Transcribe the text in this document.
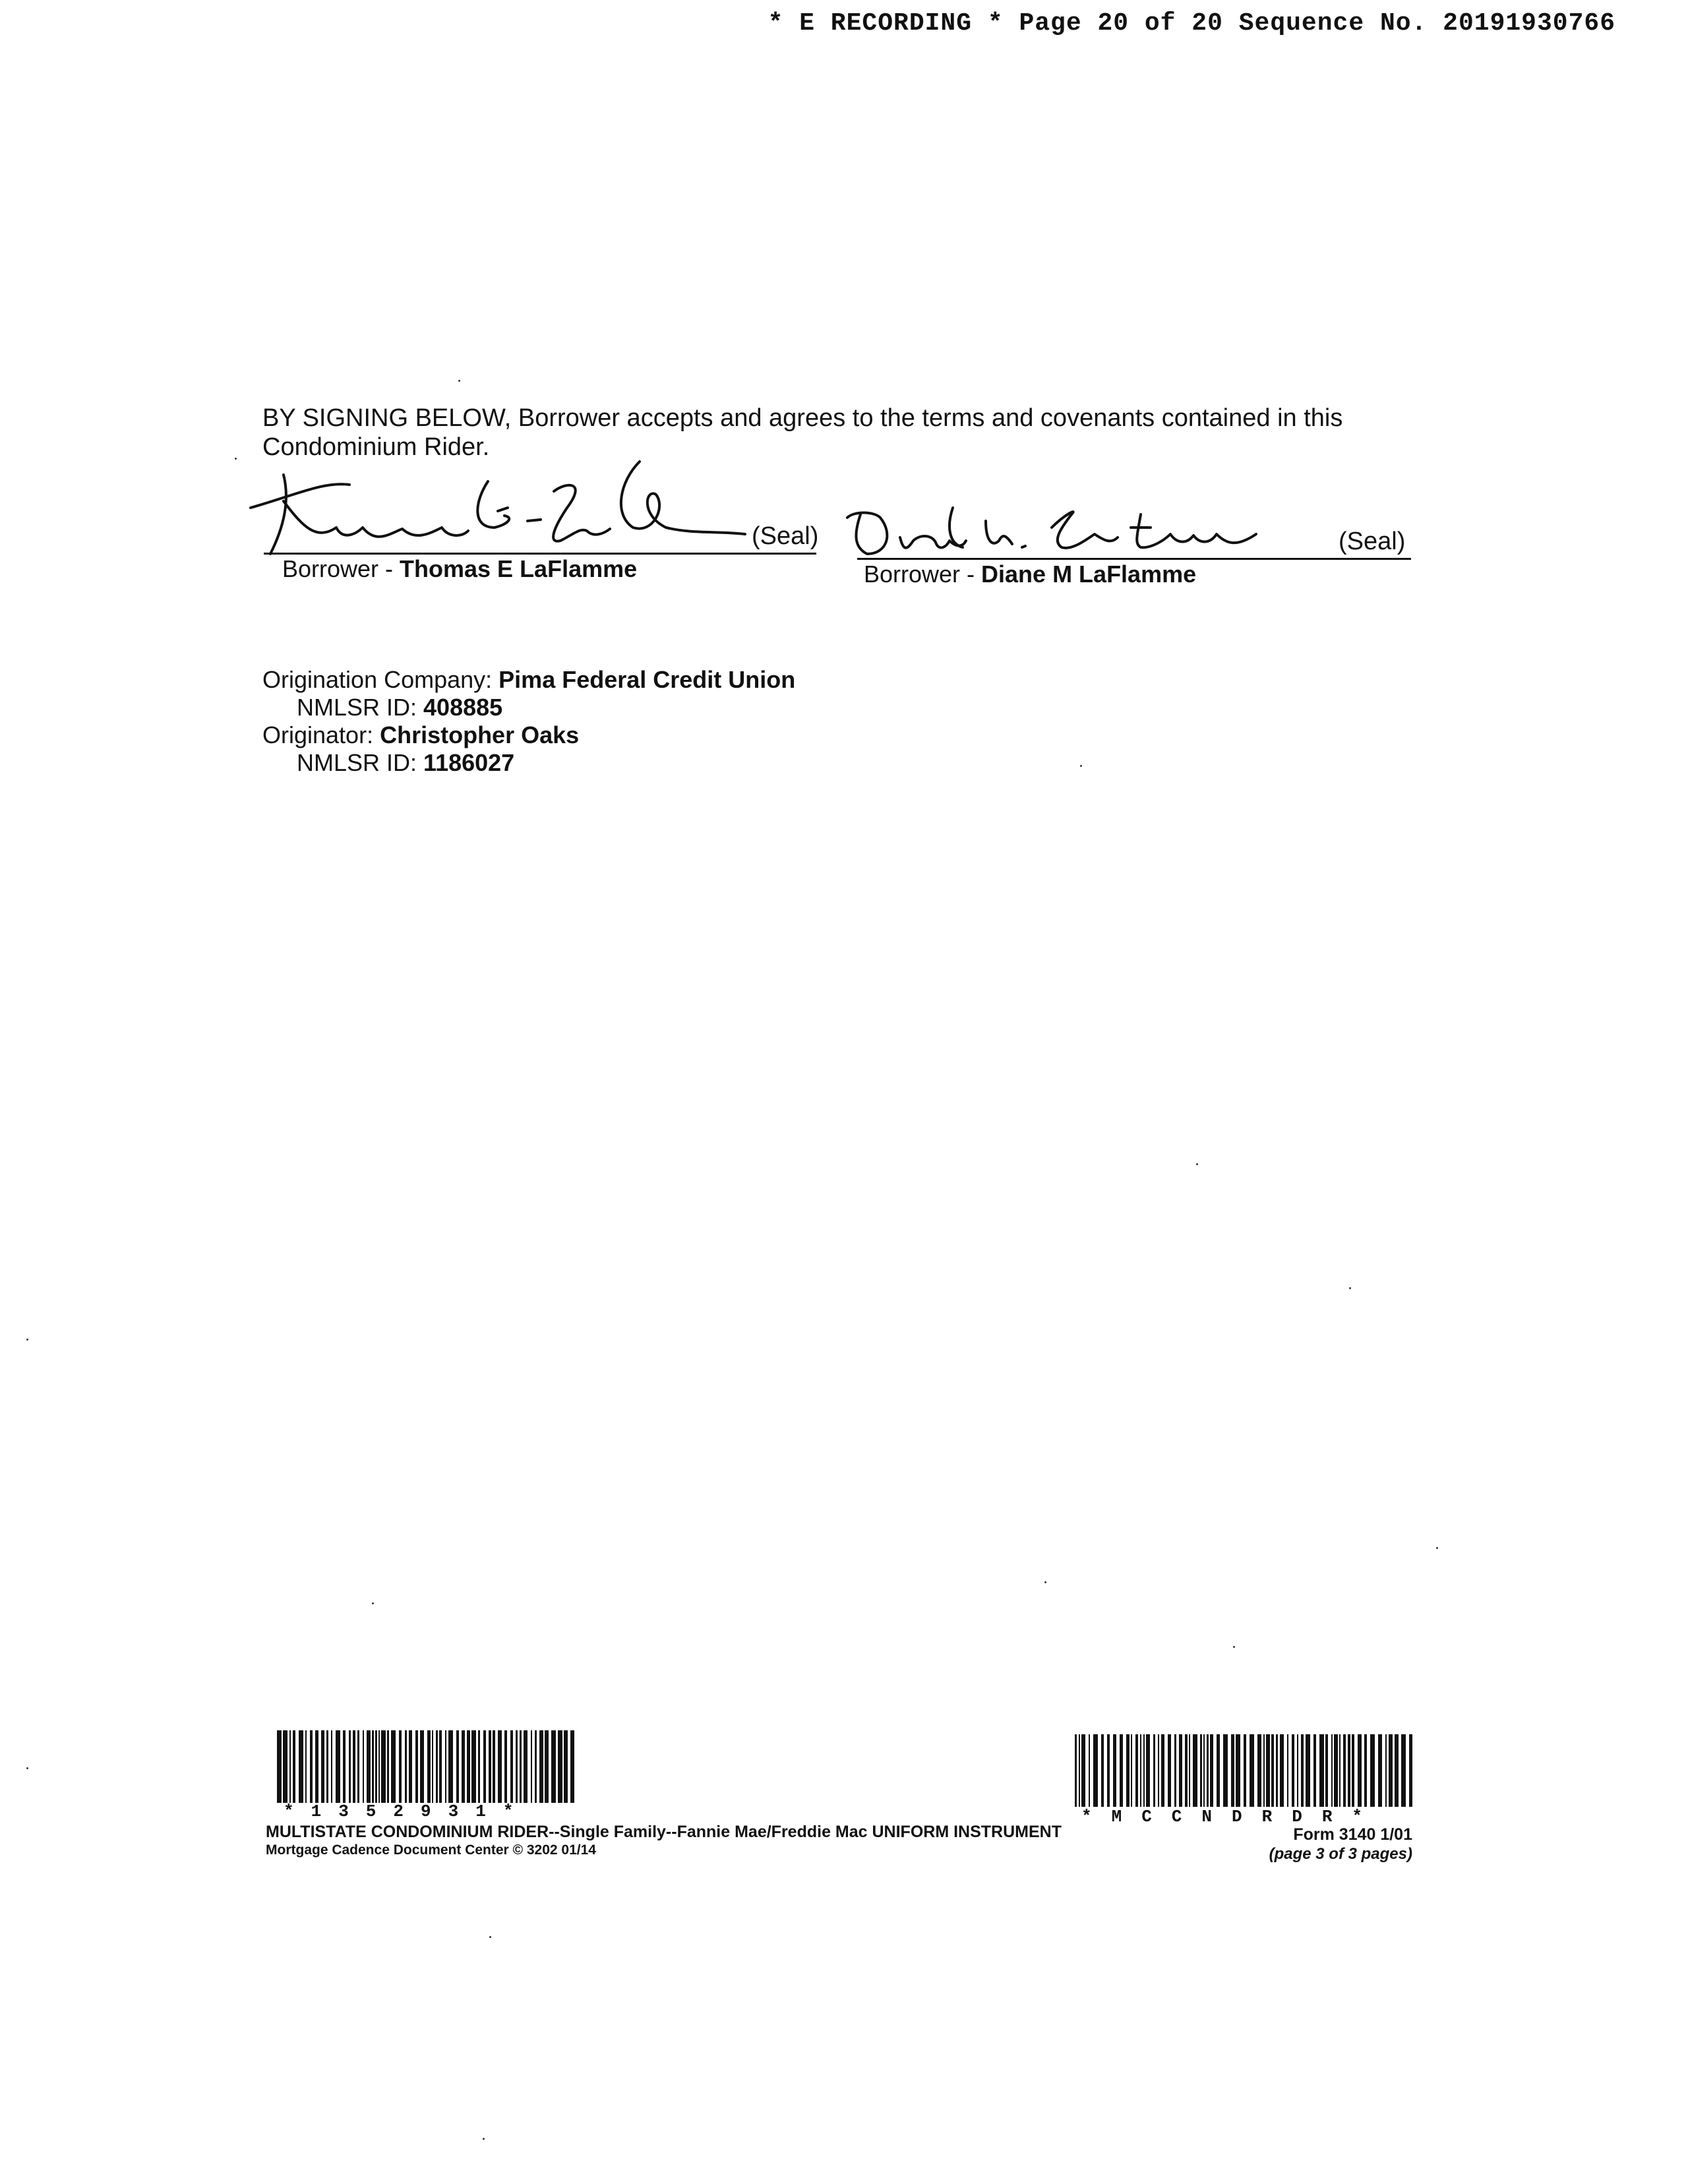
* E RECORDING * Page 20 of 20 Sequence No. 20191930766
BY SIGNING BELOW, Borrower accepts and agrees to the terms and covenants contained in this Condominium Rider.
(Seal)
Borrower - Thomas E LaFlamme
(Seal)
Borrower - Diane M LaFlamme
Origination Company: Pima Federal Credit Union
NMLSR ID: 408885
Originator: Christopher Oaks
NMLSR ID: 1186027
*1352931*	*MCCNDRDR*
MULTISTATE CONDOMINIUM RIDER--Single Family--Fannie Mae/Freddie Mac UNIFORM INSTRUMENT
Mortgage Cadence Document Center © 3202 01/14
Form 3140 1/01
(page 3 of 3 pages)
